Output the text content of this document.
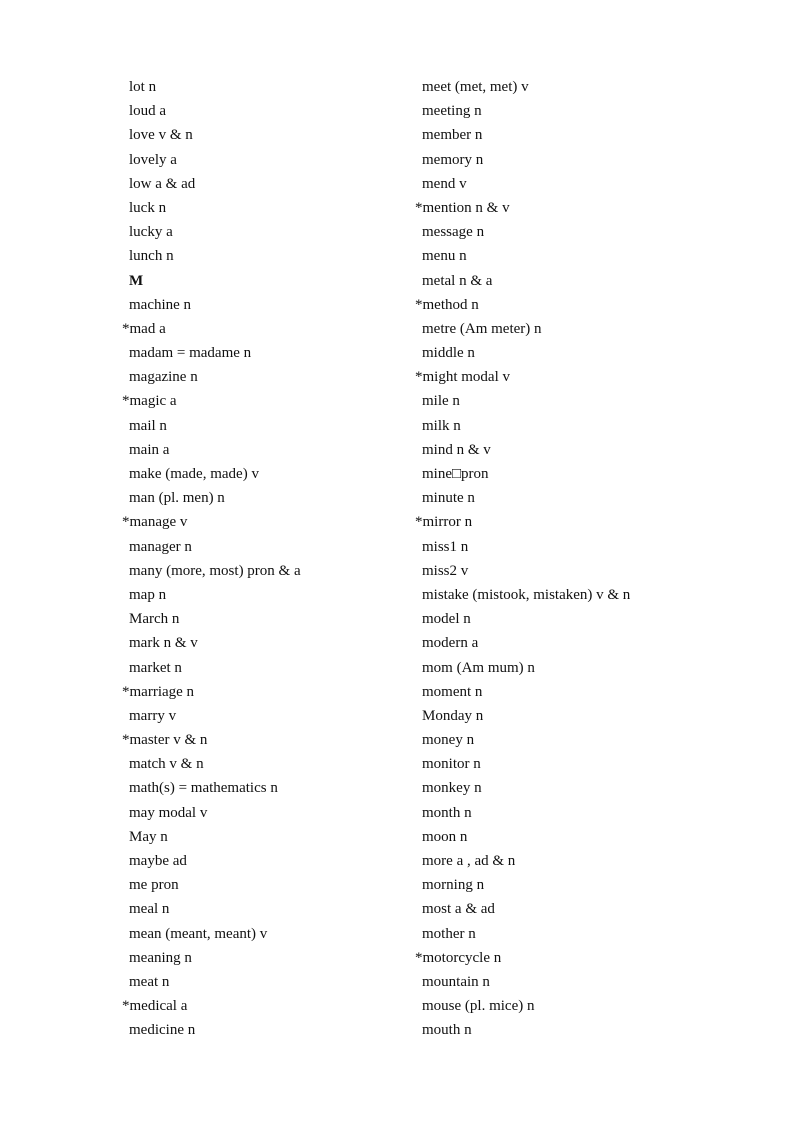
lot n
loud a
love v & n
lovely a
low a & ad
luck n
lucky a
lunch n
M
machine n
*mad a
madam = madame n
magazine n
*magic a
mail n
main a
make (made, made) v
man (pl. men) n
*manage v
manager n
many (more, most) pron & a
map n
March n
mark n & v
market n
*marriage n
marry v
*master v & n
match v & n
math(s) = mathematics n
may modal v
May n
maybe ad
me pron
meal n
mean (meant, meant) v
meaning n
meat n
*medical a
medicine n
meet (met, met) v
meeting n
member n
memory n
mend v
*mention n & v
message n
menu n
metal n & a
*method n
metre (Am meter) n
middle n
*might modal v
mile n
milk n
mind n & v
mine□pron
minute n
*mirror n
miss1 n
miss2 v
mistake (mistook, mistaken) v & n
model n
modern a
mom (Am mum) n
moment n
Monday n
money n
monitor n
monkey n
month n
moon n
more a , ad & n
morning n
most a & ad
mother n
*motorcycle n
mountain n
mouse (pl. mice) n
mouth n
